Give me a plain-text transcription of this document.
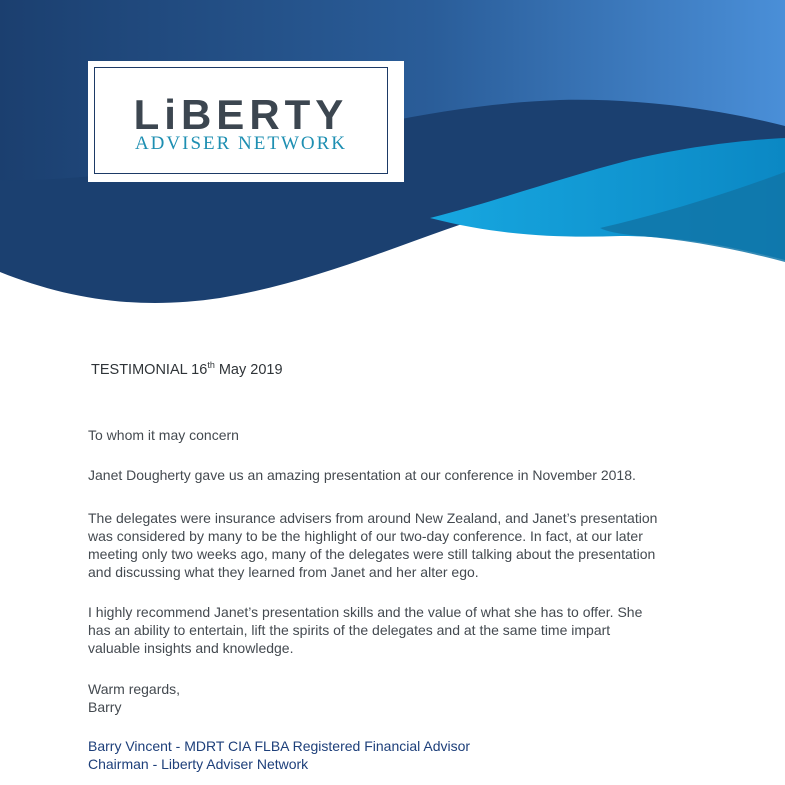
LiBERTY
ADVISER NETWORK
TESTIMONIAL 16th May 2019
To whom it may concern
Janet Dougherty gave us an amazing presentation at our conference in November 2018.
The delegates were insurance advisers from around New Zealand, and Janet’s presentation
was considered by many to be the highlight of our two-day conference. In fact, at our later
meeting only two weeks ago, many of the delegates were still talking about the presentation
and discussing what they learned from Janet and her alter ego.
I highly recommend Janet’s presentation skills and the value of what she has to offer. She
has an ability to entertain, lift the spirits of the delegates and at the same time impart
valuable insights and knowledge.
Warm regards,
Barry
Barry Vincent - MDRT CIA FLBA Registered Financial Advisor
Chairman - Liberty Adviser Network
